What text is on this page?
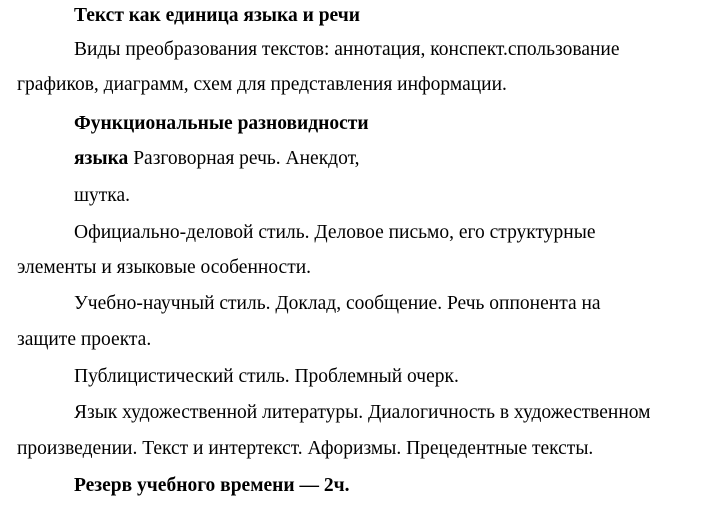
Текст как единица языка и речи

Виды преобразования текстов: аннотация, конспект.спользование

графиков, диаграмм, схем для представления информации.

Функциональные разновидности

языка Разговорная речь. Анекдот,

шутка.

Официально-деловой стиль. Деловое письмо, его структурные

элементы и языковые особенности.

Учебно-научный стиль. Доклад, сообщение. Речь оппонента на

защите проекта.

Публицистический стиль. Проблемный очерк.

Язык художественной литературы. Диалогичность в художественном

произведении. Текст и интертекст. Афоризмы. Прецедентные тексты.

Резерв учебного времени — 2ч.
